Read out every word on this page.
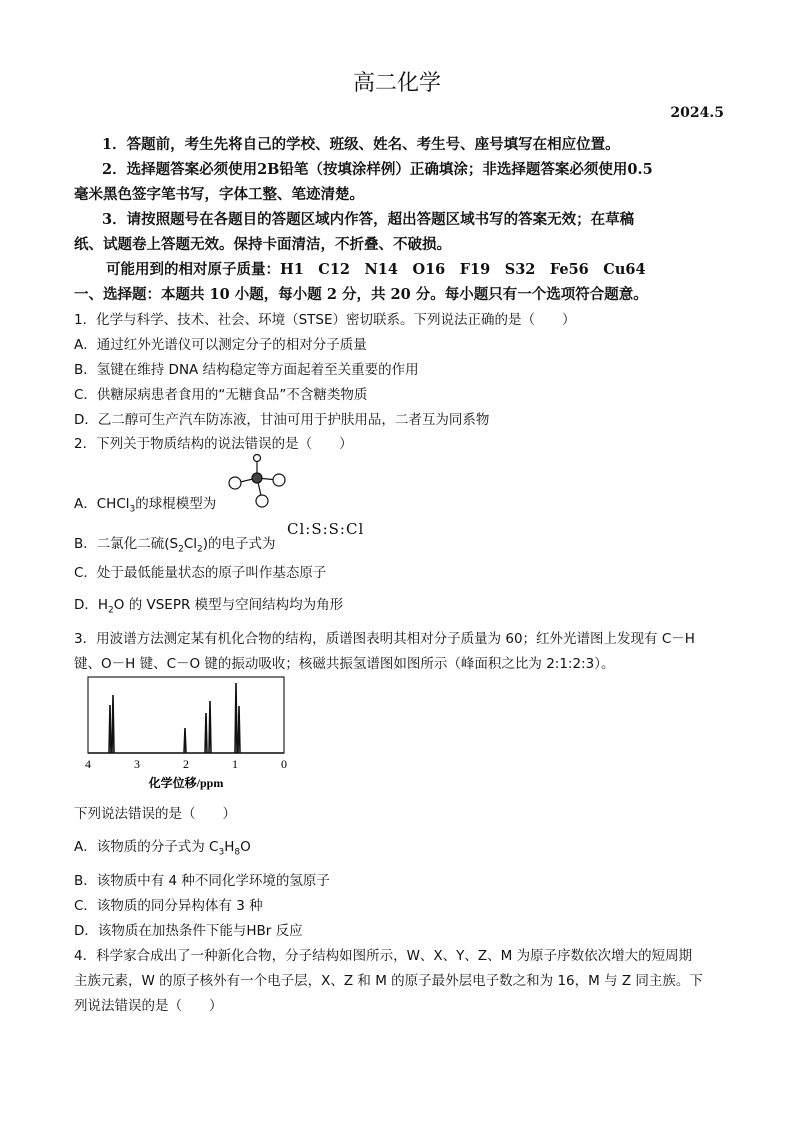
高二化学
2024.5
1．答题前，考生先将自己的学校、班级、姓名、考生号、座号填写在相应位置。
2．选择题答案必须使用2B铅笔（按填涂样例）正确填涂；非选择题答案必须使用0.5
毫米黑色签字笔书写，字体工整、笔迹清楚。
3．请按照题号在各题目的答题区域内作答，超出答题区域书写的答案无效；在草稿
纸、试题卷上答题无效。保持卡面清洁，不折叠、不破损。
可能用到的相对原子质量：H1　C12　N14　O16　F19　S32　Fe56　Cu64
一、选择题：本题共 10 小题，每小题 2 分，共 20 分。每小题只有一个选项符合题意。
1．化学与科学、技术、社会、环境（STSE）密切联系。下列说法正确的是（　　）
A．通过红外光谱仪可以测定分子的相对分子质量
B．氢键在维持 DNA 结构稳定等方面起着至关重要的作用
C．供糖尿病患者食用的“无糖食品”不含糖类物质
D．乙二醇可生产汽车防冻液，甘油可用于护肤用品，二者互为同系物
2．下列关于物质结构的说法错误的是（　　）
A．CHCl$_3$的球棍模型为
B．二氯化二硫$(S_2Cl_2)$的电子式为
Cl:S:S:Cl
C．处于最低能量状态的原子叫作基态原子
D．$H_2O$ 的 VSEPR 模型与空间结构均为角形
3．用波谱方法测定某有机化合物的结构，质谱图表明其相对分子质量为 60；红外光谱图上发现有 C－H
键、O－H 键、C－O 键的振动吸收；核磁共振氢谱图如图所示（峰面积之比为 2:1:2:3）。
4	3	2	1	0
化学位移/ppm
下列说法错误的是（　　）
A．该物质的分子式为 $C_3H_8O$
B．该物质中有 4 种不同化学环境的氢原子
C．该物质的同分异构体有 3 种
D．该物质在加热条件下能与HBr 反应
4．科学家合成出了一种新化合物，分子结构如图所示，W、X、Y、Z、M 为原子序数依次增大的短周期
主族元素，W 的原子核外有一个电子层，X、Z 和 M 的原子最外层电子数之和为 16，M 与 Z 同主族。下
列说法错误的是（　　）
